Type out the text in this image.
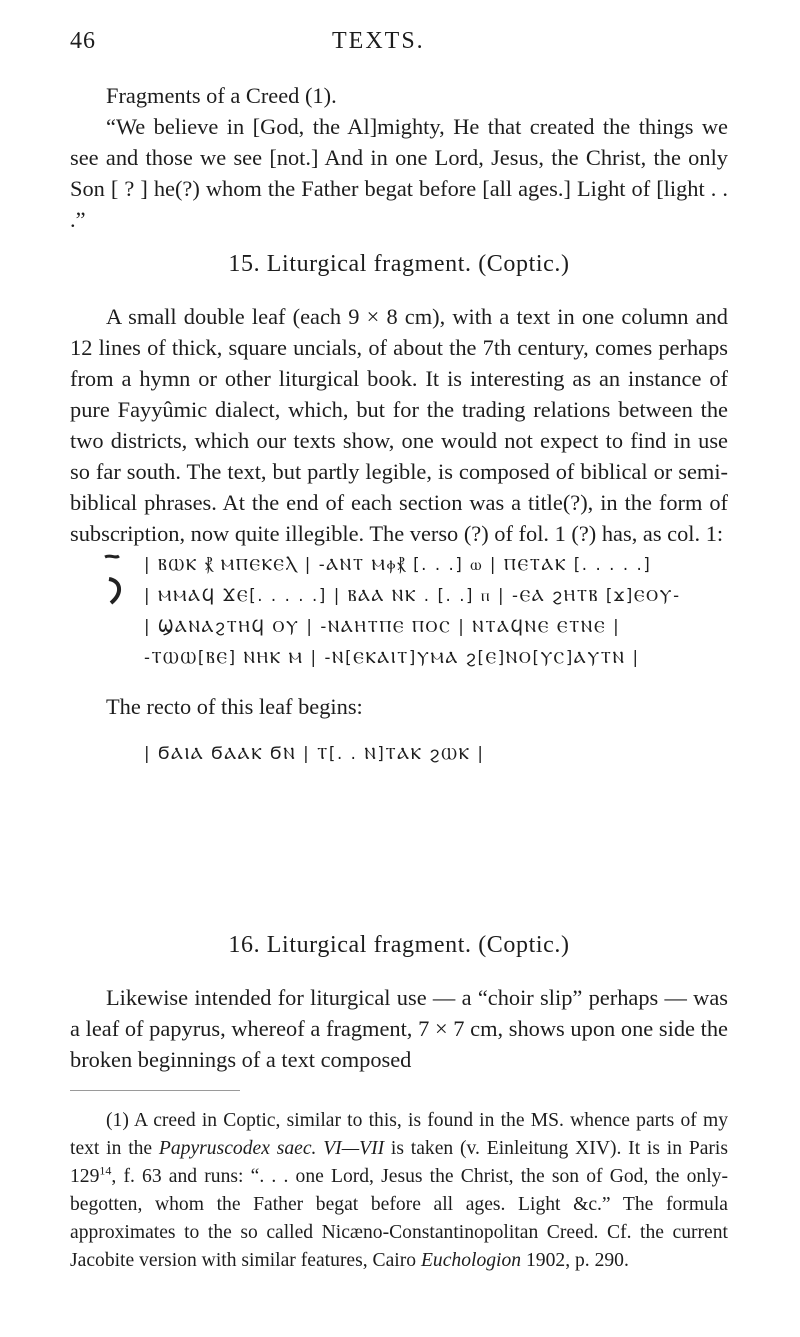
46	TEXTS.

Fragments of a Creed (1).

“We believe in [God, the Al]mighty, He that created the things we see and those we see [not.] And in one Lord, Jesus, the Christ, the only Son [ ? ] he(?) whom the Father begat before [all ages.] Light of [light . . .”

15. Liturgical fragment. (Coptic.)

A small double leaf (each 9 × 8 cm), with a text in one column and 12 lines of thick, square uncials, of about the 7th century, comes perhaps from a hymn or other liturgical book. It is interesting as an instance of pure Fayyûmic dialect, which, but for the trading relations between the two districts, which our texts show, one would not expect to find in use so far south. The text, but partly legible, is composed of biblical or semi-biblical phrases. At the end of each section was a title(?), in the form of subscription, now quite illegible. The verso (?) of fol. 1 (?) has, as col. 1:

| ⲂⲰⲔ ⳩ ⲘⲠⲈⲔⲈⲖ | -ⲀⲚⲦ Ⲙⲫ⳩ [. . .] ⲱ | ⲠⲈⲦⲀⲔ [. . . . .]

| ⲘⲘⲀϤ ϪⲈ[. . . . .] | ⲂⲀⲀ ⲚⲔ . [. .] ⲡ | -ⲈⲀ ϩⲎⲦⲂ [ϫ]ⲈⲞⲨ-

| ϢⲀⲚⲀϩⲦⲎϤ ⲞⲨ | -ⲚⲀⲎⲦⲠⲈ ⲠⲞⲤ | ⲚⲦⲀϤⲚⲈ ⲈⲦⲚⲈ |

-ⲦⲰⲰ[ⲂⲈ] ⲚⲎⲔ Ⲙ | -Ⲛ[ⲈⲔⲀⲒⲦ]ⲨⲘⲀ ϩ[Ⲉ]ⲚⲞ[ⲨⲤ]ⲀⲨⲦⲚ |

The recto of this leaf begins:

| ϬⲀⲒⲀ ϬⲀⲀⲔ ϬⲚ | Ⲧ[. . Ⲛ]ⲦⲀⲔ ϩⲰⲔ |

16. Liturgical fragment. (Coptic.)

Likewise intended for liturgical use — a “choir slip” perhaps — was a leaf of papyrus, whereof a fragment, 7 × 7 cm, shows upon one side the broken beginnings of a text composed

(1) A creed in Coptic, similar to this, is found in the MS. whence parts of my text in the Papyruscodex saec. VI—VII is taken (v. Einleitung XIV). It is in Paris $129^{14}$, f. 63 and runs: “. . . one Lord, Jesus the Christ, the son of God, the only-begotten, whom the Father begat before all ages. Light &c.” The formula approximates to the so called Nicæno-Constantinopolitan Creed. Cf. the current Jacobite version with similar features, Cairo Euchologion 1902, p. 290.
